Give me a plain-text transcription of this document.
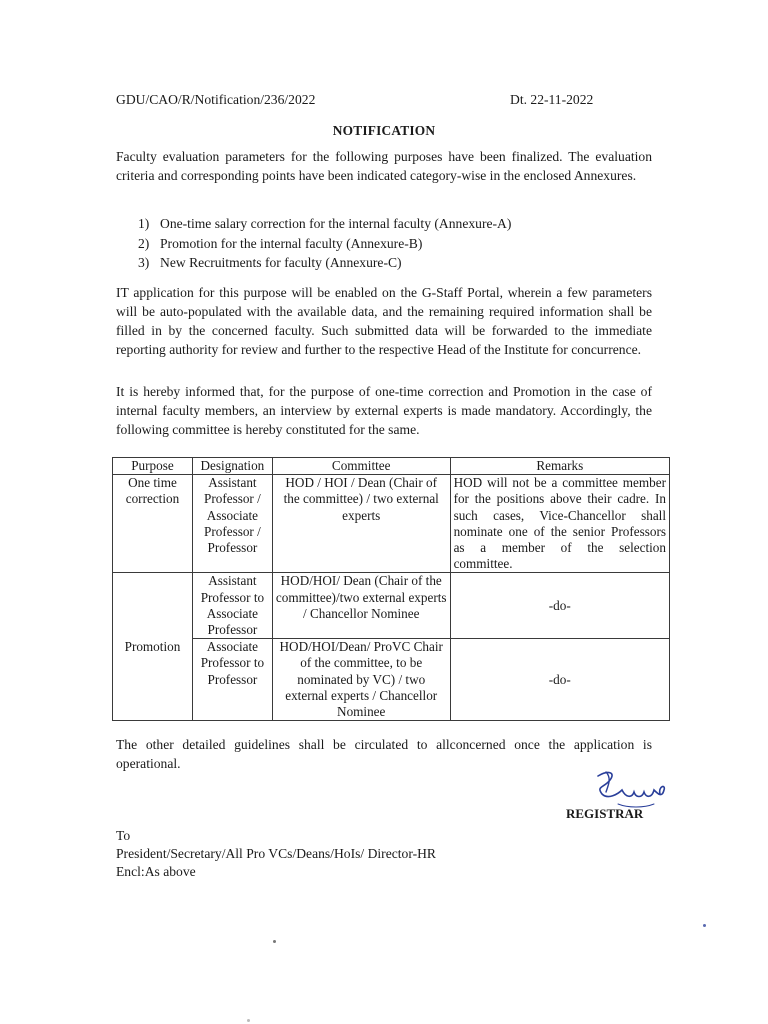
GDU/CAO/R/Notification/236/2022	Dt. 22-11-2022
NOTIFICATION

Faculty evaluation parameters for the following purposes have been finalized. The evaluation criteria and corresponding points have been indicated category-wise in the enclosed Annexures.

1) One-time salary correction for the internal faculty (Annexure-A)
2) Promotion for the internal faculty (Annexure-B)
3) New Recruitments for faculty (Annexure-C)

IT application for this purpose will be enabled on the G-Staff Portal, wherein a few parameters will be auto-populated with the available data, and the remaining required information shall be filled in by the concerned faculty. Such submitted data will be forwarded to the immediate reporting authority for review and further to the respective Head of the Institute for concurrence.

It is hereby informed that, for the purpose of one-time correction and Promotion in the case of internal faculty members, an interview by external experts is made mandatory. Accordingly, the following committee is hereby constituted for the same.

Purpose	Designation	Committee	Remarks
One time correction	Assistant Professor / Associate Professor / Professor	HOD / HOI / Dean (Chair of the committee) / two external experts	HOD will not be a committee member for the positions above their cadre. In such cases, Vice-Chancellor shall nominate one of the senior Professors as a member of the selection committee.
Promotion	Assistant Professor to Associate Professor	HOD/HOI/ Dean (Chair of the committee)/two external experts / Chancellor Nominee	-do-
	Associate Professor to Professor	HOD/HOI/Dean/ ProVC Chair of the committee, to be nominated by VC) / two external experts / Chancellor Nominee	-do-

The other detailed guidelines shall be circulated to allconcerned once the application is operational.

REGISTRAR
To
President/Secretary/All Pro VCs/Deans/HoIs/ Director-HR
Encl:As above
